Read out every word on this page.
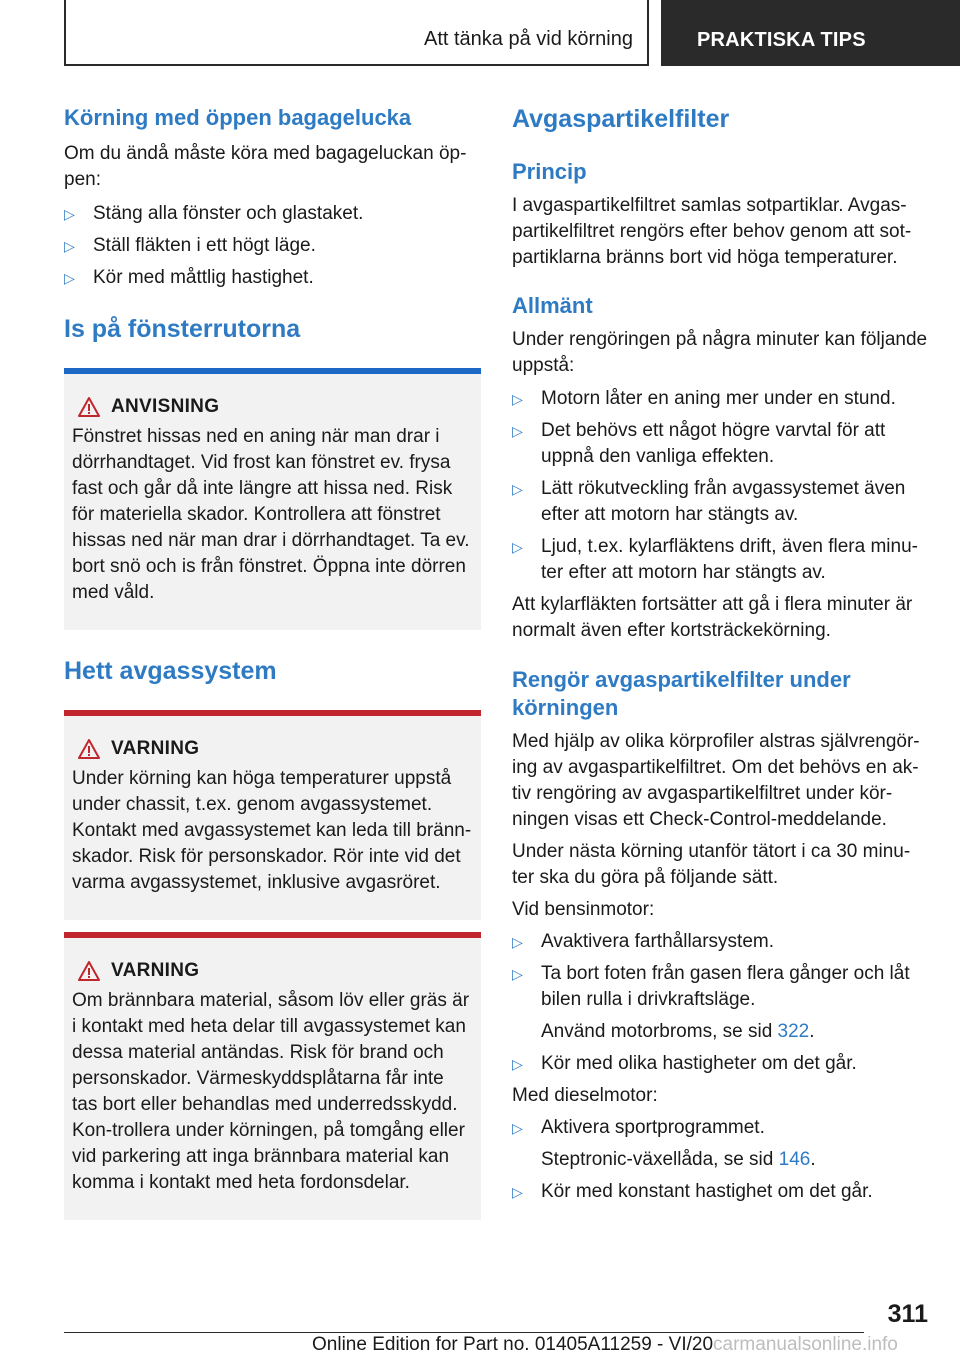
Att tänka på vid körning	PRAKTISKA TIPS
Körning med öppen bagagelucka

Om du ändå måste köra med bagageluckan öp-pen:

▷ Stäng alla fönster och glastaket.
▷ Ställ fläkten i ett högt läge.
▷ Kör med måttlig hastighet.
Is på fönsterrutorna
ANVISNING
Fönstret hissas ned en aning när man drar i dörrhandtaget. Vid frost kan fönstret ev. frysa fast och går då inte längre att hissa ned. Risk för materiella skador. Kontrollera att fönstret hissas ned när man drar i dörrhandtaget. Ta ev. bort snö och is från fönstret. Öppna inte dörren med våld.
Hett avgassystem
VARNING
Under körning kan höga temperaturer uppstå under chassit, t.ex. genom avgassystemet. Kontakt med avgassystemet kan leda till bränn-skador. Risk för personskador. Rör inte vid det varma avgassystemet, inklusive avgasröret.
VARNING
Om brännbara material, såsom löv eller gräs är i kontakt med heta delar till avgassystemet kan dessa material antändas. Risk för brand och personskador. Värmeskyddsplåtarna får inte tas bort eller behandlas med underredsskydd. Kon-trollera under körningen, på tomgång eller vid parkering att inga brännbara material kan komma i kontakt med heta fordonsdelar.
Avgaspartikelfilter
Princip

I avgaspartikelfiltret samlas sotpartiklar. Avgas-partikelfiltret rengörs efter behov genom att sot-partiklarna bränns bort vid höga temperaturer.

Allmänt

Under rengöringen på några minuter kan följande uppstå:

▷ Motorn låter en aning mer under en stund.
▷ Det behövs ett något högre varvtal för att uppnå den vanliga effekten.
▷ Lätt rökutveckling från avgassystemet även efter att motorn har stängts av.
▷ Ljud, t.ex. kylarfläktens drift, även flera minu-ter efter att motorn har stängts av.

Att kylarfläkten fortsätter att gå i flera minuter är normalt även efter kortsträckekörning.

Rengör avgaspartikelfilter under körningen

Med hjälp av olika körprofiler alstras självrengör-ing av avgaspartikelfiltret. Om det behövs en ak-tiv rengöring av avgaspartikelfiltret under kör-ningen visas ett Check-Control-meddelande.

Under nästa körning utanför tätort i ca 30 minu-ter ska du göra på följande sätt.

Vid bensinmotor:

▷ Avaktivera farthållarsystem.
▷ Ta bort foten från gasen flera gånger och låt bilen rulla i drivkraftsläge.
Använd motorbroms, se sid 322.
▷ Kör med olika hastigheter om det går.

Med dieselmotor:

▷ Aktivera sportprogrammet.
Steptronic-växellåda, se sid 146.
▷ Kör med konstant hastighet om det går.
311
Online Edition for Part no. 01405A11259 - VI/20carmanualsonline.info
